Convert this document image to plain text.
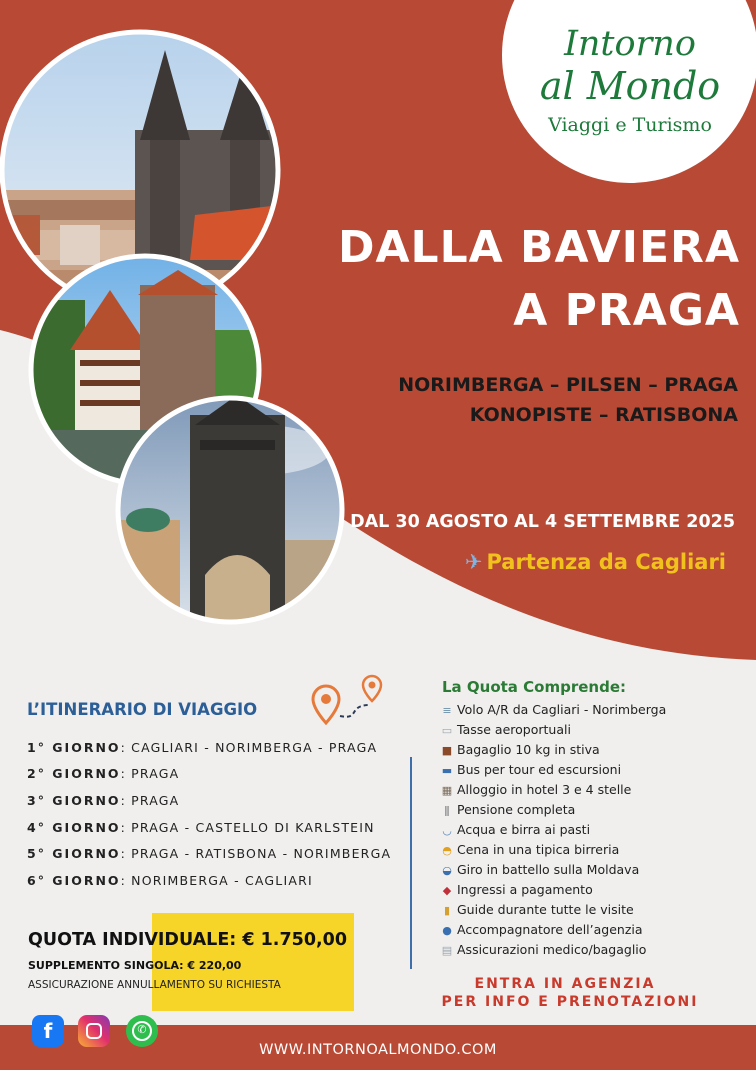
Intorno
al Mondo
Viaggi e Turismo
DALLA BAVIERA
A PRAGA
NORIMBERGA – PILSEN – PRAGA
KONOPISTE – RATISBONA
DAL 30 AGOSTO AL 4 SETTEMBRE 2025
✈ Partenza da Cagliari
L’ITINERARIO DI VIAGGIO
1° GIORNO: CAGLIARI - NORIMBERGA - PRAGA
2° GIORNO: PRAGA
3° GIORNO: PRAGA
4° GIORNO: PRAGA - CASTELLO DI KARLSTEIN
5° GIORNO: PRAGA - RATISBONA - NORIMBERGA
6° GIORNO: NORIMBERGA - CAGLIARI
QUOTA INDIVIDUALE: € 1.750,00
SUPPLEMENTO SINGOLA: € 220,00
ASSICURAZIONE ANNULLAMENTO SU RICHIESTA
La Quota Comprende:
≡ Volo A/R da Cagliari - Norimberga
▭ Tasse aeroportuali
■ Bagaglio 10 kg in stiva
▬ Bus per tour ed escursioni
▦ Alloggio in hotel 3 e 4 stelle
ǁ Pensione completa
◡ Acqua e birra ai pasti
◓ Cena in una tipica birreria
◒ Giro in battello sulla Moldava
◆ Ingressi a pagamento
▮ Guide durante tutte le visite
● Accompagnatore dell’agenzia
▤ Assicurazioni medico/bagaglio
ENTRA IN AGENZIA
PER INFO E PRENOTAZIONI
WWW.INTORNOALMONDO.COM
f	✆
